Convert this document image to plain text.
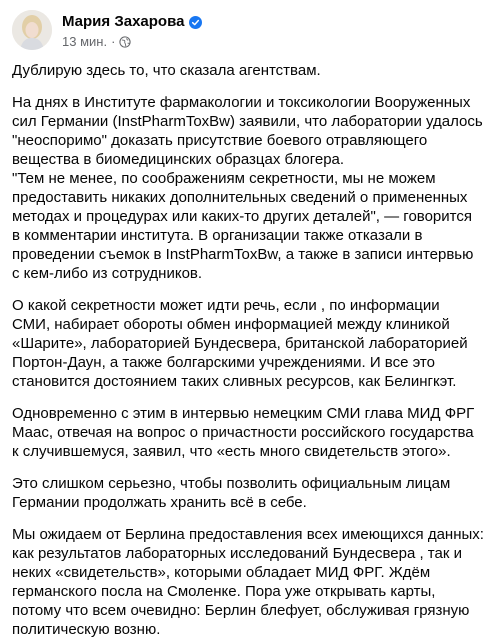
Мария Захарова
13 мин. ·

Дублирую здесь то, что сказала агентствам.

На днях в Институте фармакологии и токсикологии Вооруженных
сил Германии (InstPharmToxBw) заявили, что лаборатории удалось
"неоспоримо" доказать присутствие боевого отравляющего
вещества в биомедицинских образцах блогера.
"Тем не менее, по соображениям секретности, мы не можем
предоставить никаких дополнительных сведений о примененных
методах и процедурах или каких-то других деталей", — говорится
в комментарии института. В организации также отказали в
проведении съемок в InstPharmToxBw, а также в записи интервью
с кем-либо из сотрудников.

О какой секретности может идти речь, если , по информации
СМИ, набирает обороты обмен информацией между клиникой
«Шарите», лабораторией Бундесвера, британской лабораторией
Портон-Даун, а также болгарскими учреждениями. И все это
становится достоянием таких сливных ресурсов, как Белингкэт.

Одновременно с этим в интервью немецким СМИ глава МИД ФРГ
Маас, отвечая на вопрос о причастности российского государства
к случившемуся, заявил, что «есть много свидетельств этого».

Это слишком серьезно, чтобы позволить официальным лицам
Германии продолжать хранить всё в себе.

Мы ожидаем от Берлина предоставления всех имеющихся данных:
как результатов лабораторных исследований Бундесвера , так и
неких «свидетельств», которыми обладает МИД ФРГ. Ждём
германского посла на Смоленке. Пора уже открывать карты,
потому что всем очевидно: Берлин блефует, обслуживая грязную
политическую возню.
